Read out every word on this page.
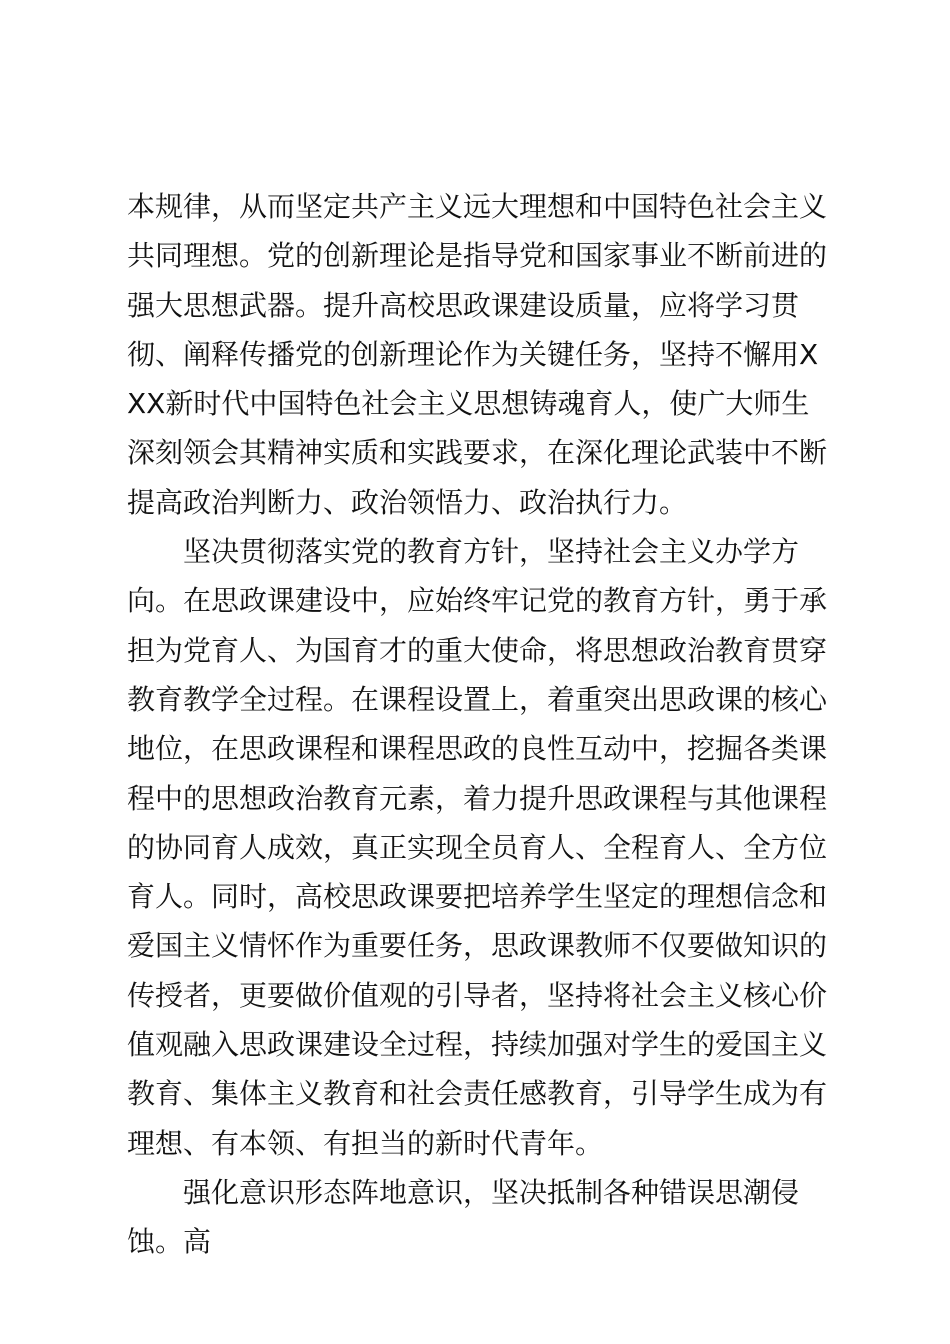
本规律，从而坚定共产主义远大理想和中国特色社会主义共同理想。党的创新理论是指导党和国家事业不断前进的强大思想武器。提升高校思政课建设质量，应将学习贯彻、阐释传播党的创新理论作为关键任务，坚持不懈用XXX新时代中国特色社会主义思想铸魂育人，使广大师生深刻领会其精神实质和实践要求，在深化理论武装中不断提高政治判断力、政治领悟力、政治执行力。

坚决贯彻落实党的教育方针，坚持社会主义办学方向。在思政课建设中，应始终牢记党的教育方针，勇于承担为党育人、为国育才的重大使命，将思想政治教育贯穿教育教学全过程。在课程设置上，着重突出思政课的核心地位，在思政课程和课程思政的良性互动中，挖掘各类课程中的思想政治教育元素，着力提升思政课程与其他课程的协同育人成效，真正实现全员育人、全程育人、全方位育人。同时，高校思政课要把培养学生坚定的理想信念和爱国主义情怀作为重要任务，思政课教师不仅要做知识的传授者，更要做价值观的引导者，坚持将社会主义核心价值观融入思政课建设全过程，持续加强对学生的爱国主义教育、集体主义教育和社会责任感教育，引导学生成为有理想、有本领、有担当的新时代青年。

强化意识形态阵地意识，坚决抵制各种错误思潮侵蚀。高
